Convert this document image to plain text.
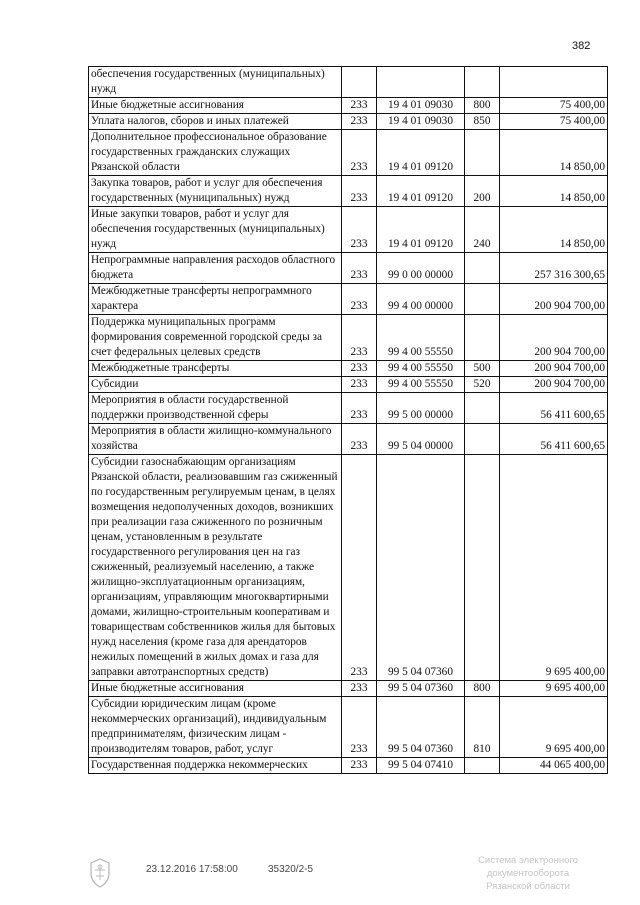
382
обеспечения государственных (муниципальных) нужд				
Иные бюджетные ассигнования	233	19 4 01 09030	800	75 400,00
Уплата налогов, сборов и иных платежей	233	19 4 01 09030	850	75 400,00
Дополнительное профессиональное образование государственных гражданских служащих Рязанской области	233	19 4 01 09120		14 850,00
Закупка товаров, работ и услуг для обеспечения государственных (муниципальных) нужд	233	19 4 01 09120	200	14 850,00
Иные закупки товаров, работ и услуг для обеспечения государственных (муниципальных) нужд	233	19 4 01 09120	240	14 850,00
Непрограммные направления расходов областного бюджета	233	99 0 00 00000		257 316 300,65
Межбюджетные трансферты непрограммного характера	233	99 4 00 00000		200 904 700,00
Поддержка муниципальных программ формирования современной городской среды за счет федеральных целевых средств	233	99 4 00 55550		200 904 700,00
Межбюджетные трансферты	233	99 4 00 55550	500	200 904 700,00
Субсидии	233	99 4 00 55550	520	200 904 700,00
Мероприятия в области государственной поддержки производственной сферы	233	99 5 00 00000		56 411 600,65
Мероприятия в области жилищно-коммунального хозяйства	233	99 5 04 00000		56 411 600,65
Субсидии газоснабжающим организациям Рязанской области, реализовавшим газ сжиженный по государственным регулируемым ценам, в целях возмещения недополученных доходов, возникших при реализации газа сжиженного по розничным ценам, установленным в результате государственного регулирования цен на газ сжиженный, реализуемый населению, а также жилищно-эксплуатационным организациям, организациям, управляющим многоквартирными домами, жилищно-строительным кооперативам и товариществам собственников жилья для бытовых нужд населения (кроме газа для арендаторов нежилых помещений в жилых домах и газа для заправки автотранспортных средств)	233	99 5 04 07360		9 695 400,00
Иные бюджетные ассигнования	233	99 5 04 07360	800	9 695 400,00
Субсидии юридическим лицам (кроме некоммерческих организаций), индивидуальным предпринимателям, физическим лицам - производителям товаров, работ, услуг	233	99 5 04 07360	810	9 695 400,00
Государственная поддержка некоммерческих	233	99 5 04 07410		44 065 400,00
23.12.2016 17:58:00	35320/2-5
Система электронного документооборота
Рязанской области
